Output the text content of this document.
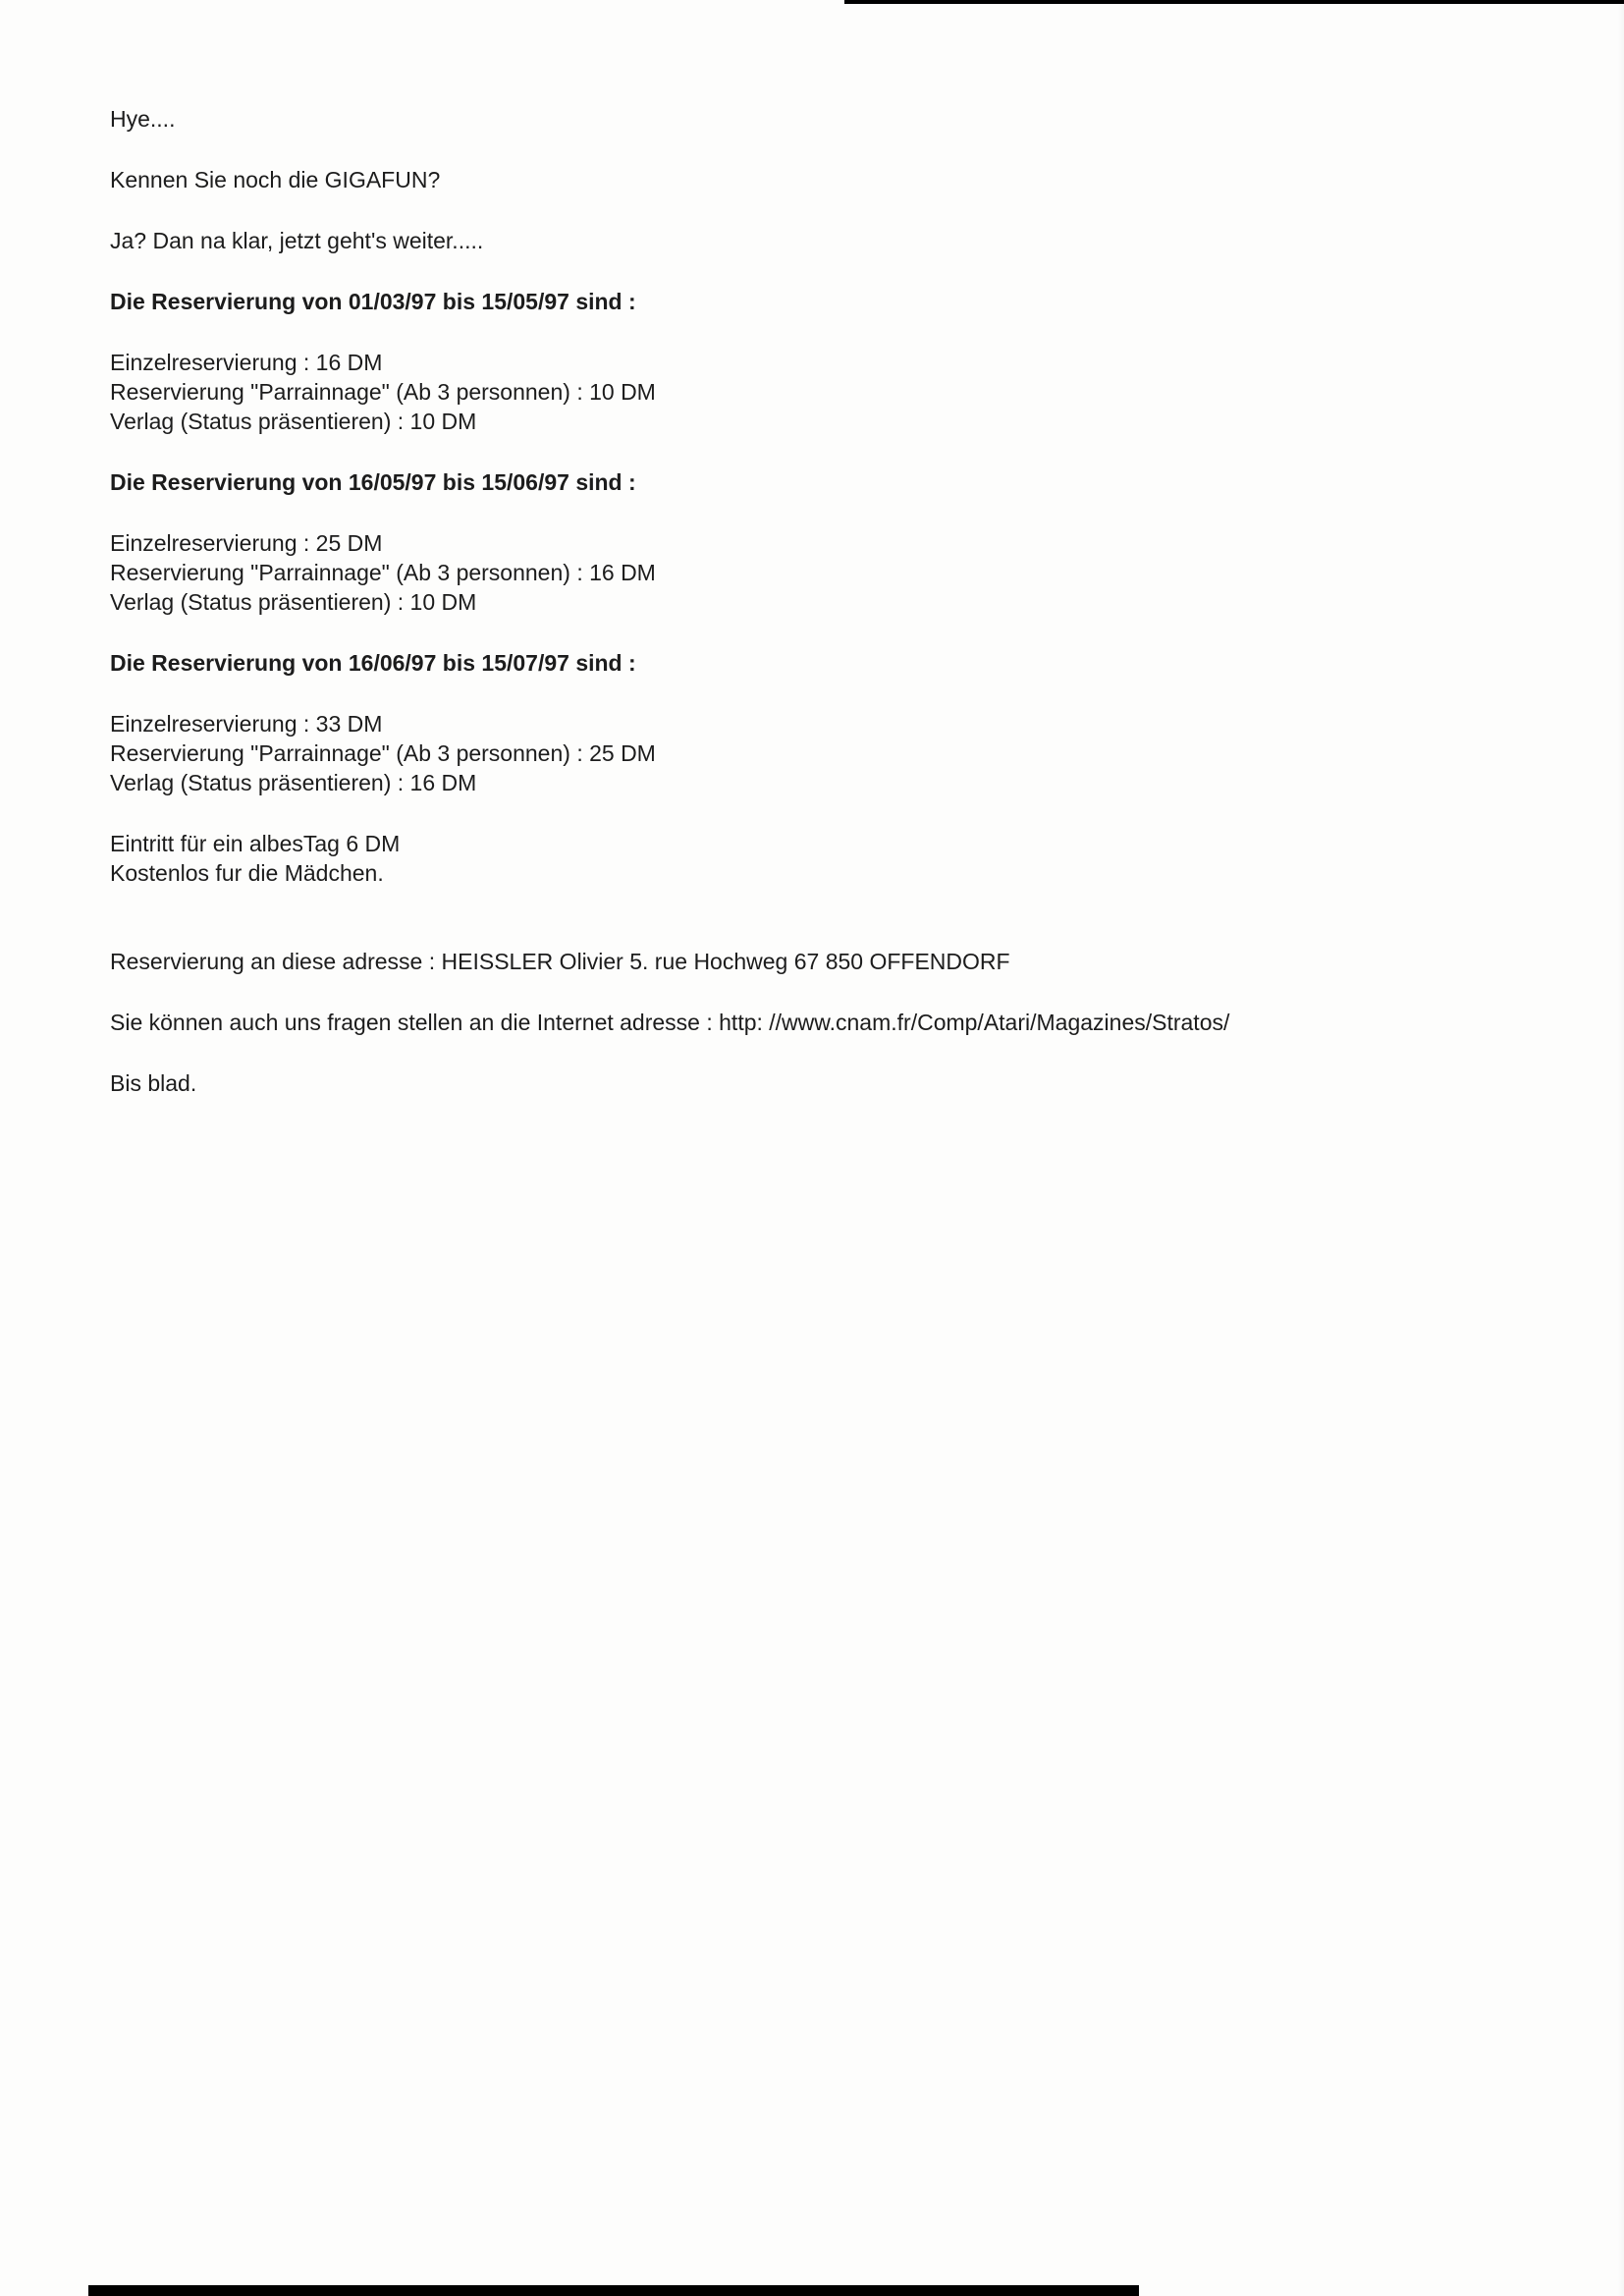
Hye....

Kennen Sie noch die GIGAFUN?

Ja? Dan na klar, jetzt geht's weiter.....

Die Reservierung von 01/03/97 bis 15/05/97 sind :

Einzelreservierung : 16 DM
Reservierung "Parrainnage" (Ab 3 personnen) : 10 DM
Verlag (Status präsentieren) : 10 DM

Die Reservierung von 16/05/97 bis 15/06/97 sind :

Einzelreservierung : 25 DM
Reservierung "Parrainnage" (Ab 3 personnen) : 16 DM
Verlag (Status präsentieren) : 10 DM

Die Reservierung von 16/06/97 bis 15/07/97 sind :

Einzelreservierung : 33 DM
Reservierung "Parrainnage" (Ab 3 personnen) : 25 DM
Verlag (Status präsentieren) : 16 DM
Eintritt für ein albesTag 6 DM
Kostenlos fur die Mädchen.

Reservierung an diese adresse : HEISSLER Olivier 5. rue Hochweg 67 850 OFFENDORF

Sie können auch uns fragen stellen an die Internet adresse : http: //www.cnam.fr/Comp/Atari/Magazines/Stratos/

Bis blad.
